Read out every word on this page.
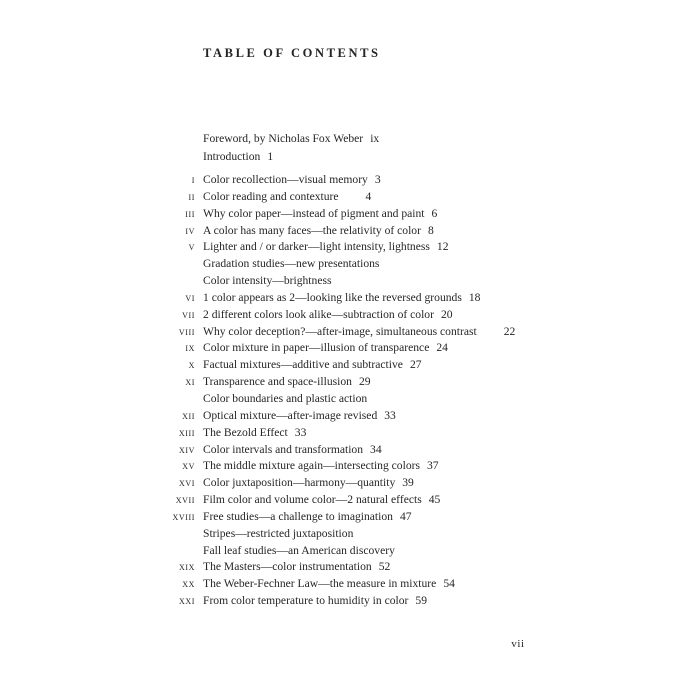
TABLE OF CONTENTS
Foreword, by Nicholas Fox Weber ix
Introduction 1
i Color recollection—visual memory 3
ii Color reading and contexture 4
iii Why color paper—instead of pigment and paint 6
iv A color has many faces—the relativity of color 8
v Lighter and / or darker—light intensity, lightness 12
Gradation studies—new presentations
Color intensity—brightness
vi 1 color appears as 2—looking like the reversed grounds 18
vii 2 different colors look alike—subtraction of color 20
viii Why color deception?—after-image, simultaneous contrast 22
ix Color mixture in paper—illusion of transparence 24
x Factual mixtures—additive and subtractive 27
xi Transparence and space-illusion 29
Color boundaries and plastic action
xii Optical mixture—after-image revised 33
xiii The Bezold Effect 33
xiv Color intervals and transformation 34
xv The middle mixture again—intersecting colors 37
xvi Color juxtaposition—harmony—quantity 39
xvii Film color and volume color—2 natural effects 45
xviii Free studies—a challenge to imagination 47
Stripes—restricted juxtaposition
Fall leaf studies—an American discovery
xix The Masters—color instrumentation 52
xx The Weber-Fechner Law—the measure in mixture 54
xxi From color temperature to humidity in color 59
vii
